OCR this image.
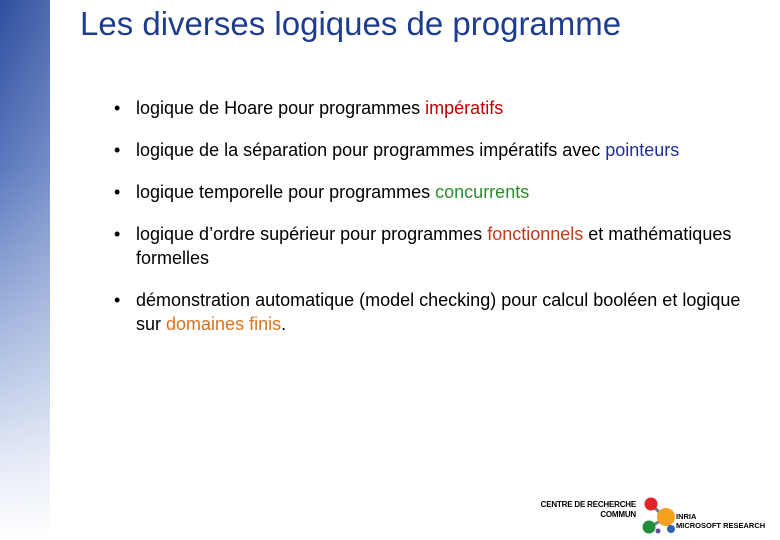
Les diverses logiques de programme
• logique de Hoare pour programmes impératifs
• logique de la séparation pour programmes impératifs avec pointeurs
• logique temporelle pour programmes concurrents
• logique d’ordre supérieur pour programmes fonctionnels et mathématiques formelles
• démonstration automatique (model checking) pour calcul booléen et logique sur domaines finis.
CENTRE DE RECHERCHE
COMMUN	INRIA
MICROSOFT RESEARCH
